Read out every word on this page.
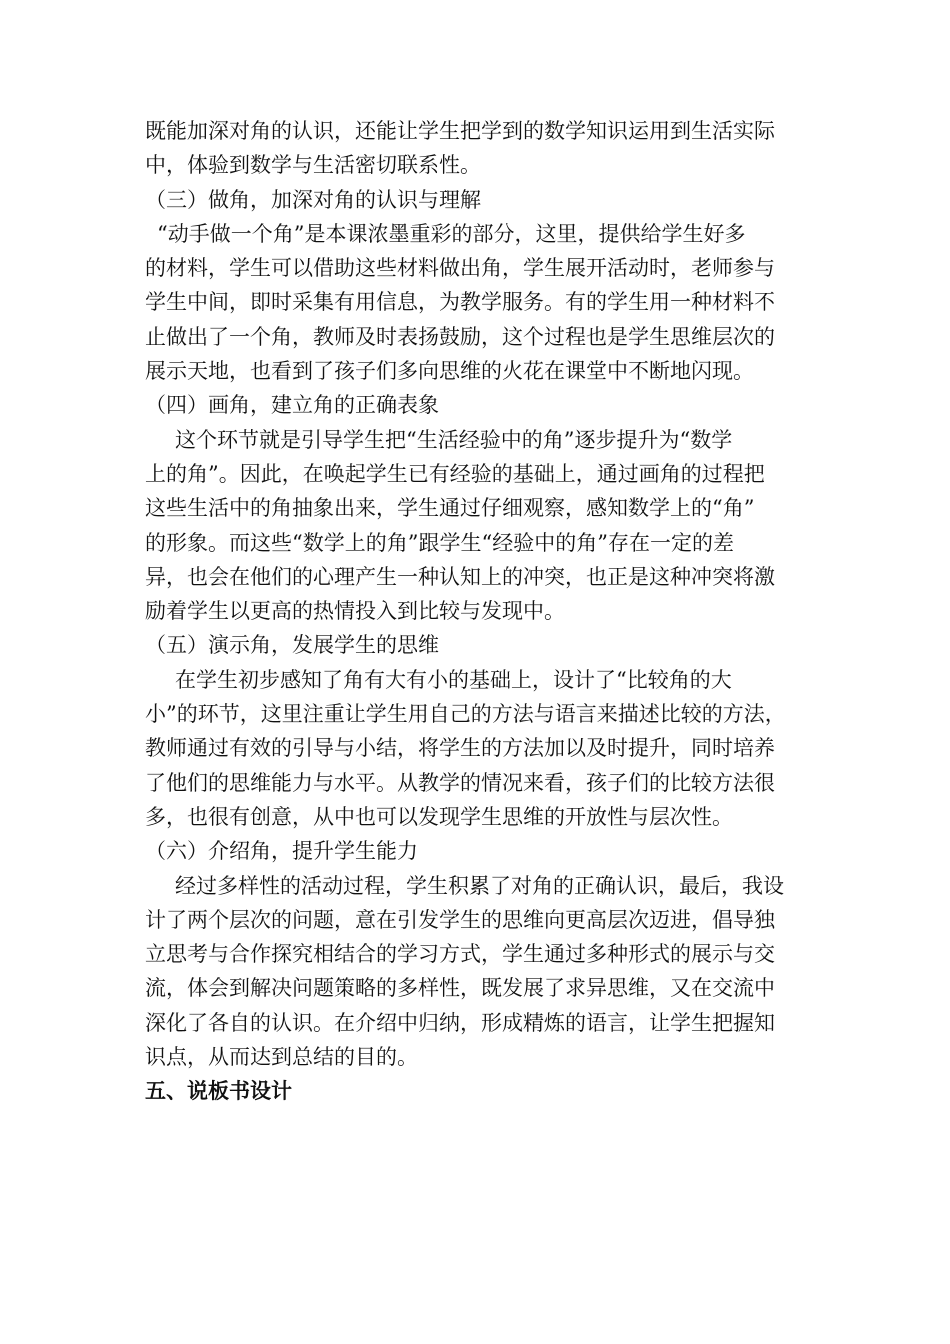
既能加深对角的认识，还能让学生把学到的数学知识运用到生活实际
中，体验到数学与生活密切联系性。
（三）做角，加深对角的认识与理解
“动手做一个角”是本课浓墨重彩的部分，这里，提供给学生好多
的材料，学生可以借助这些材料做出角，学生展开活动时，老师参与
学生中间，即时采集有用信息，为教学服务。有的学生用一种材料不
止做出了一个角，教师及时表扬鼓励，这个过程也是学生思维层次的
展示天地，也看到了孩子们多向思维的火花在课堂中不断地闪现。
（四）画角，建立角的正确表象
这个环节就是引导学生把“生活经验中的角”逐步提升为“数学
上的角”。因此，在唤起学生已有经验的基础上，通过画角的过程把
这些生活中的角抽象出来，学生通过仔细观察，感知数学上的“角”
的形象。而这些“数学上的角”跟学生“经验中的角”存在一定的差
异，也会在他们的心理产生一种认知上的冲突，也正是这种冲突将激
励着学生以更高的热情投入到比较与发现中。
（五）演示角，发展学生的思维
在学生初步感知了角有大有小的基础上，设计了“比较角的大
小”的环节，这里注重让学生用自己的方法与语言来描述比较的方法，
教师通过有效的引导与小结，将学生的方法加以及时提升，同时培养
了他们的思维能力与水平。从教学的情况来看，孩子们的比较方法很
多，也很有创意，从中也可以发现学生思维的开放性与层次性。
（六）介绍角，提升学生能力
经过多样性的活动过程，学生积累了对角的正确认识，最后，我设
计了两个层次的问题，意在引发学生的思维向更高层次迈进，倡导独
立思考与合作探究相结合的学习方式，学生通过多种形式的展示与交
流，体会到解决问题策略的多样性，既发展了求异思维，又在交流中
深化了各自的认识。在介绍中归纳，形成精炼的语言，让学生把握知
识点，从而达到总结的目的。
五、说板书设计
